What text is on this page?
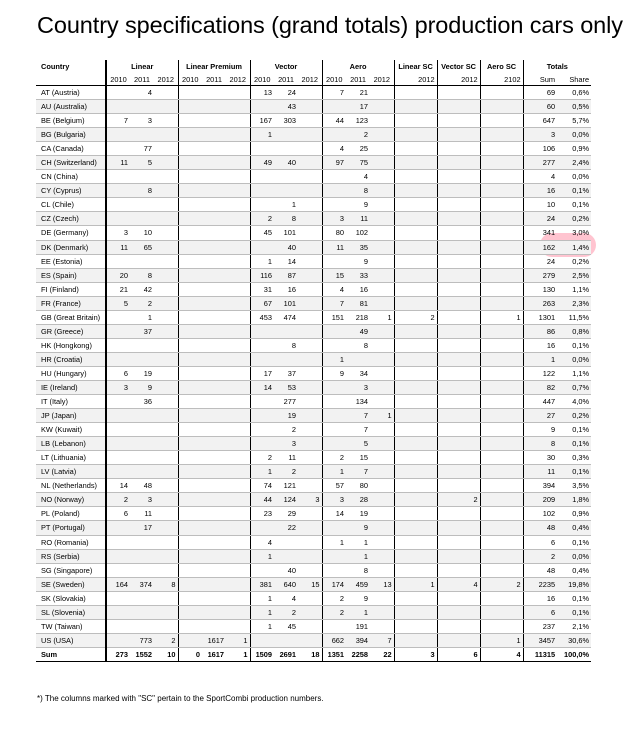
Country specifications (grand totals) production cars only
Country	Linear			Linear Premium			Vector			Aero			Linear SC	Vector SC	Aero SC	Totals	
	2010	2011	2012	2010	2011	2012	2010	2011	2012	2010	2011	2012	2012	2012	2102	Sum	Share
AT (Austria)		4					13	24		7	21					69	0,6%
AU (Australia)								43			17					60	0,5%
BE (Belgium)	7	3					167	303		44	123					647	5,7%
BG (Bulgaria)							1				2					3	0,0%
CA (Canada)		77								4	25					106	0,9%
CH (Switzerland)	11	5					49	40		97	75					277	2,4%
CN (China)											4					4	0,0%
CY (Cyprus)		8									8					16	0,1%
CL (Chile)								1			9					10	0,1%
CZ (Czech)							2	8		3	11					24	0,2%
DE (Germany)	3	10					45	101		80	102					341	3,0%
DK (Denmark)	11	65						40		11	35					162	1,4%
EE (Estonia)							1	14			9					24	0,2%
ES (Spain)	20	8					116	87		15	33					279	2,5%
FI (Finland)	21	42					31	16		4	16					130	1,1%
FR (France)	5	2					67	101		7	81					263	2,3%
GB (Great Britain)		1					453	474		151	218	1	2		1	1301	11,5%
GR (Greece)		37									49					86	0,8%
HK (Hongkong)								8			8					16	0,1%
HR (Croatia)										1						1	0,0%
HU (Hungary)	6	19					17	37		9	34					122	1,1%
IE (Ireland)	3	9					14	53			3					82	0,7%
IT (Italy)		36						277			134					447	4,0%
JP (Japan)								19			7	1				27	0,2%
KW (Kuwait)								2			7					9	0,1%
LB (Lebanon)								3			5					8	0,1%
LT (Lithuania)							2	11		2	15					30	0,3%
LV (Latvia)							1	2		1	7					11	0,1%
NL (Netherlands)	14	48					74	121		57	80					394	3,5%
NO (Norway)	2	3					44	124	3	3	28			2		209	1,8%
PL (Poland)	6	11					23	29		14	19					102	0,9%
PT (Portugal)		17						22			9					48	0,4%
RO (Romania)							4			1	1					6	0,1%
RS (Serbia)							1				1					2	0,0%
SG (Singapore)								40			8					48	0,4%
SE (Sweden)	164	374	8				381	640	15	174	459	13	1	4	2	2235	19,8%
SK (Slovakia)							1	4		2	9					16	0,1%
SL (Slovenia)							1	2		2	1					6	0,1%
TW (Taiwan)							1	45			191					237	2,1%
US (USA)		773	2		1617	1				662	394	7			1	3457	30,6%
Sum	273	1552	10	0	1617	1	1509	2691	18	1351	2258	22	3	6	4	11315	100,0%
*) The columns marked with "SC" pertain to the SportCombi production numbers.
